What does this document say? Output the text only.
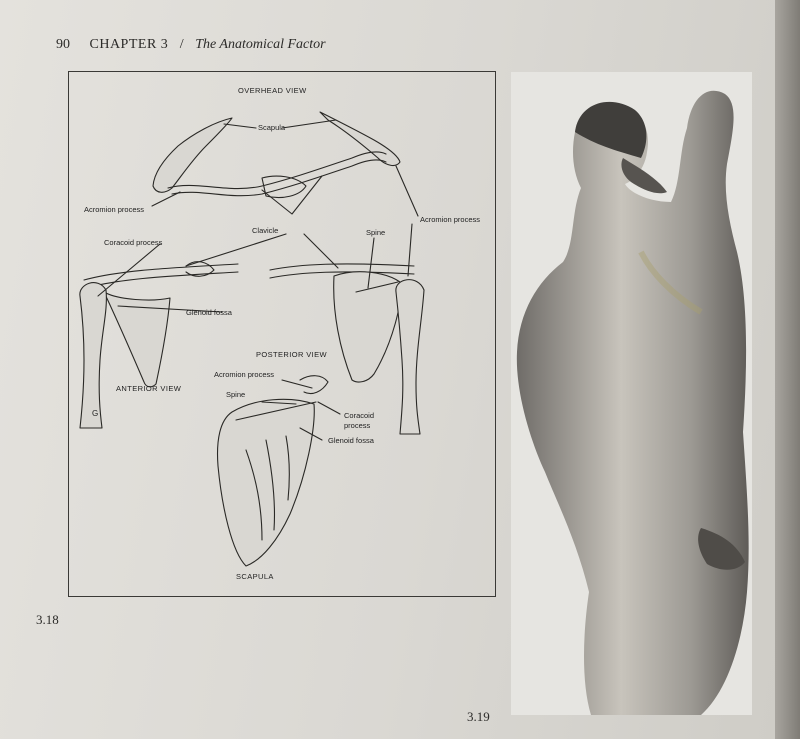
90 CHAPTER 3 / The Anatomical Factor
OVERHEAD VIEW
Scapula
Acromion process
Acromion process
Clavicle
Coracoid process
Spine
Glenoid fossa
ANTERIOR VIEW
POSTERIOR VIEW
Acromion process
Spine
Coracoid process
Glenoid fossa
SCAPULA
G
3.18
3.19
